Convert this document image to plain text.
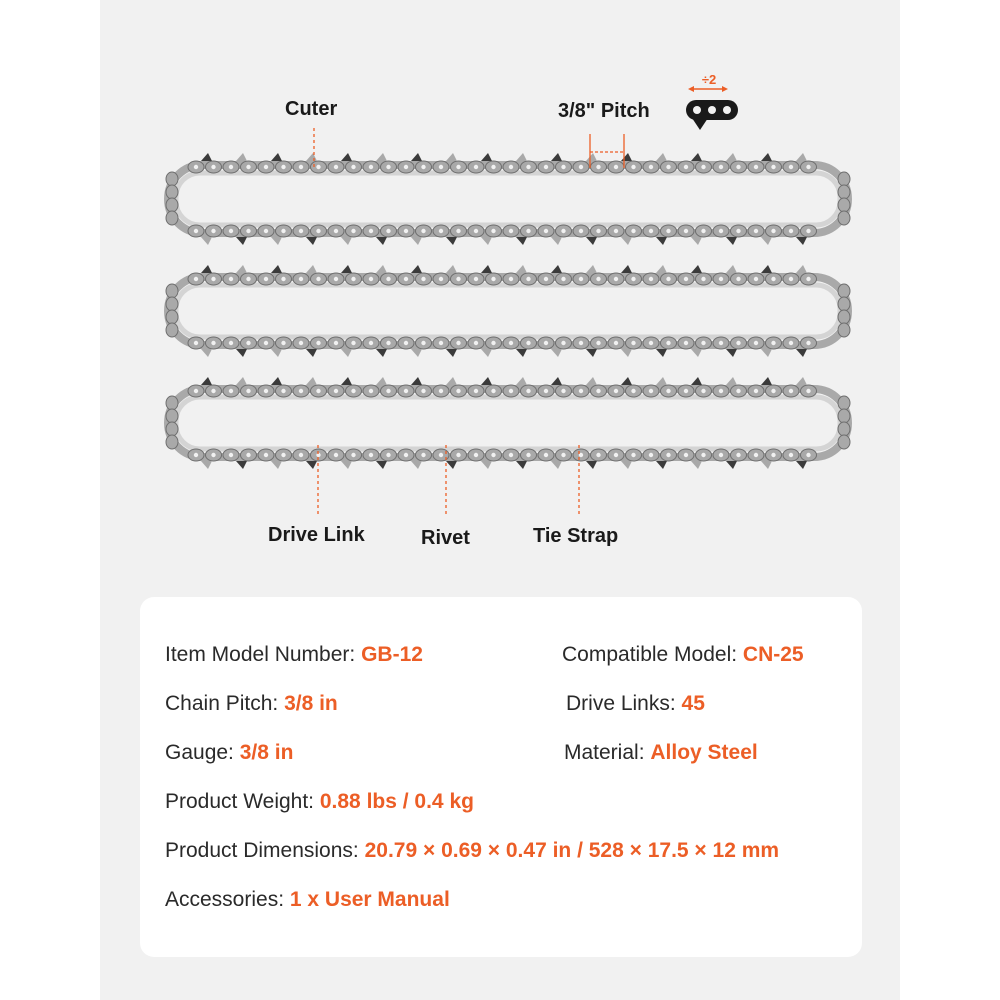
÷2
Cuter	3/8" Pitch
Drive Link	Rivet	Tie Strap
Item Model Number: GB-12	Compatible Model: CN-25
Chain Pitch: 3/8 in	Drive Links: 45
Gauge: 3/8 in	Material: Alloy Steel
Product Weight: 0.88 lbs / 0.4 kg
Product Dimensions: 20.79 × 0.69 × 0.47 in / 528 × 17.5 × 12 mm
Accessories: 1 x User Manual
